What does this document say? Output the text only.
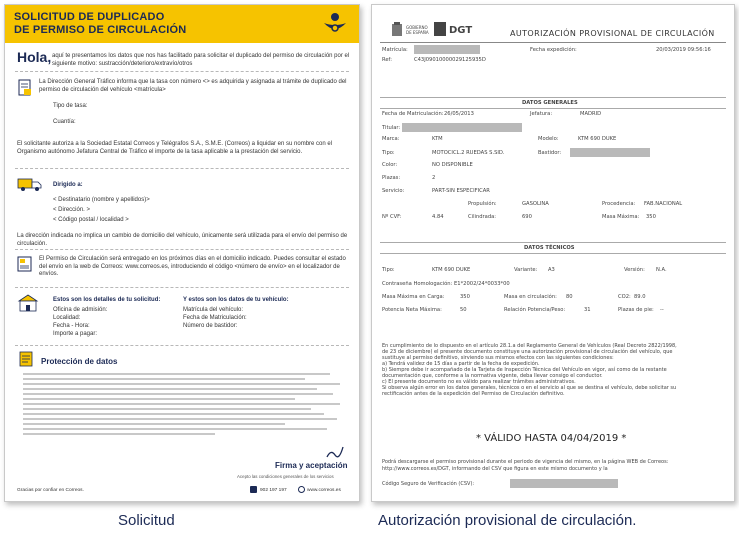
SOLICITUD DE DUPLICADO
DE PERMISO DE CIRCULACIÓN
Hola, aquí te presentamos los datos que nos has facilitado para solicitar el duplicado del permiso de circulación por el siguiente motivo: sustracción/deterioro/extravío/otros
La Dirección General Tráfico informa que la tasa con número <> es adquirida y asignada al trámite de duplicado del permiso de circulación del vehículo <matrícula>
Tipo de tasa:
Cuantía:
El solicitante autoriza a la Sociedad Estatal Correos y Telégrafos S.A., S.M.E. (Correos) a liquidar en su nombre con el Organismo autónomo Jefatura Central de Tráfico el importe de la tasa aplicable a la prestación del servicio.
Dirigido a:
< Destinatario (nombre y apellidos)>
< Dirección. >
< Código postal / localidad >
La dirección indicada no implica un cambio de domicilio del vehículo, únicamente será utilizada para el envío del permiso de circulación.
El Permiso de Circulación será entregado en los próximos días en el domicilio indicado. Puedes consultar el estado del envío en la web de Correos: www.correos.es, introduciendo el código <número de envío> en el localizador de envíos.
Estos son los detalles de tu solicitud:
Oficina de admisión:
Localidad:
Fecha - Hora:
Importe a pagar:
Y estos son los datos de tu vehículo:
Matrícula del vehículo:
Fecha de Matriculación:
Número de bastidor:
Protección de datos
Firma y aceptación
Acepto las condiciones generales de los servicios
Gracias por confiar en Correos.	902 197 197	www.correos.es
GOBIERNO
DE ESPAÑA DGT	AUTORIZACIÓN PROVISIONAL DE CIRCULACIÓN
Matrícula:	Fecha expedición:	20/03/2019 09:56:16
Ref:	C43J09010000029125935D
DATOS GENERALES
Fecha de Matriculación: 26/05/2013	Jefatura:	MADRID
Titular:
Marca:	KTM	Modelo:	KTM 690 DUKE
Tipo:	MOTOCICL.2 RUEDAS S.SID.	Bastidor:
Color:	NO DISPONIBLE
Plazas:	2
Servicio:	PART-SIN ESPECIFICAR
Propulsión:	GASOLINA	Procedencia: FAB.NACIONAL
Nº CVF:	4.84	Cilindrada:	690	Masa Máxima: 350
DATOS TÉCNICOS
Tipo:	KTM 690 DUKE	Variante: A3	Versión: N.A.
Contraseña Homologación: E1*2002/24*0033*00
Masa Máxima en Carga:	350	Masa en circulación: 80	CO2: 89.0
Potencia Neta Máxima:	50	Relación Potencia/Peso:	31	Plazas de pie: --
En cumplimiento de lo dispuesto en el artículo 28.1.a del Reglamento General de Vehículos (Real Decreto 2822/1998,
de 23 de diciembre) el presente documento constituye una autorización provisional de circulación del vehículo, que
sustituye al permiso definitivo, sirviendo sus mismos efectos con las siguientes condiciones:
a) Tendrá validez de 15 días a partir de la fecha de expedición.
b) Siempre debe ir acompañado de la Tarjeta de Inspección Técnica del Vehículo en vigor, así como de la restante
documentación que, conforme a la normativa vigente, deba llevar consigo el conductor.
c) El presente documento no es válido para realizar trámites administrativos.
Si observa algún error en los datos generales, técnicos o en el servicio al que se destina el vehículo, debe solicitar su
rectificación antes de la expedición del Permiso de Circulación definitivo.
* VÁLIDO HASTA 04/04/2019 *
Podrá descargarse el permiso provisional durante el periodo de vigencia del mismo, en la página WEB de Correos:
http://www.correos.es/DGT, informando del CSV que figura en este mismo documento y la
Código Seguro de Verificación (CSV):
Solicitud	Autorización provisional de circulación.
